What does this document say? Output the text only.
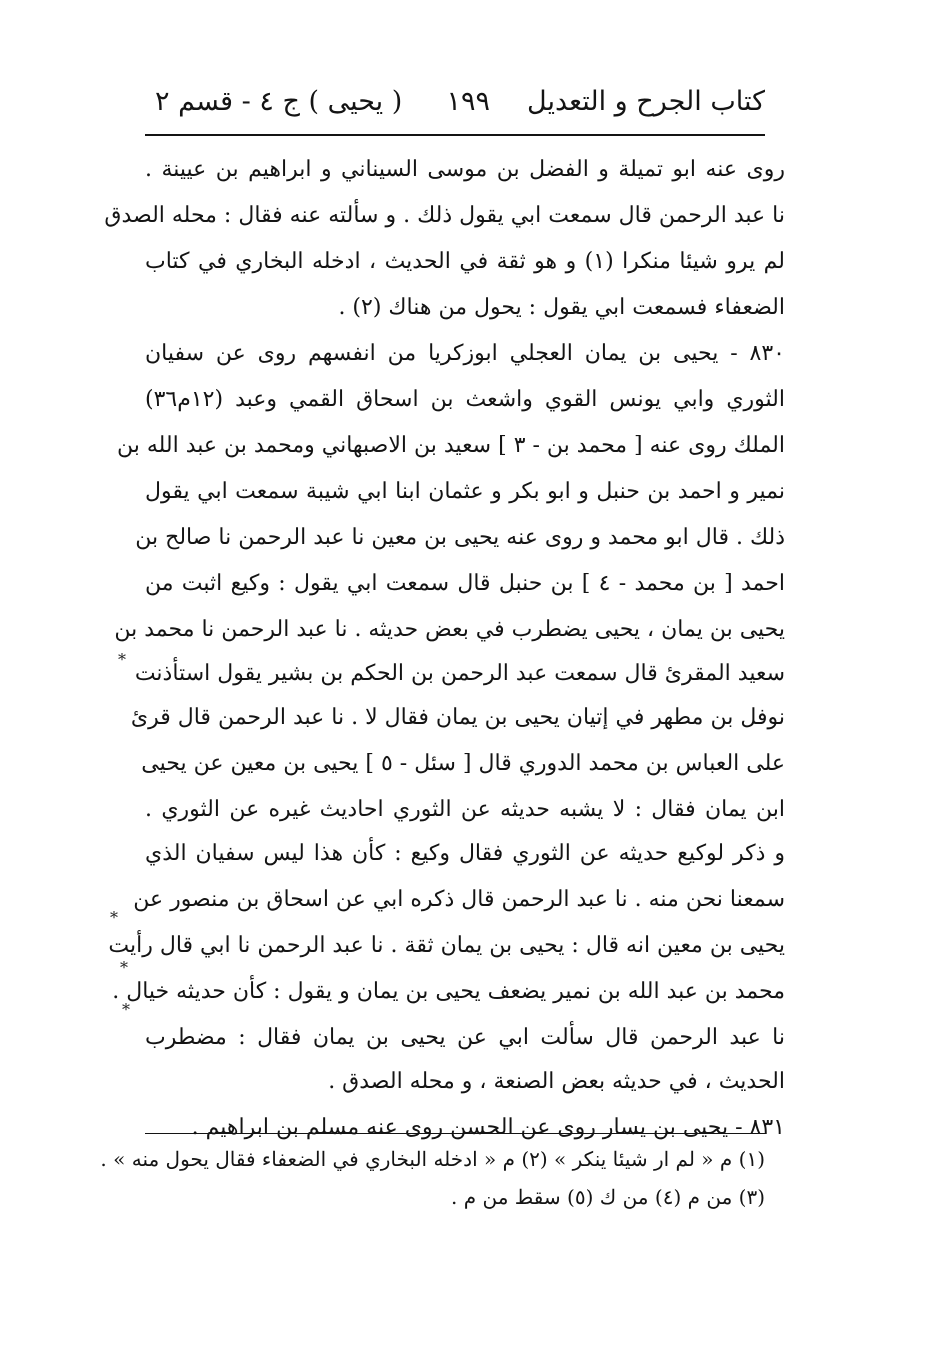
كتاب الجرح و التعديل
١٩٩
( يحيى ) ج ٤ - قسم ٢
روى عنه ابو تميلة و الفضل بن موسى السيناني و ابراهيم بن عيينة .
نا عبد الرحمن قال سمعت ابي يقول ذلك . و سألته عنه فقال : محله الصدق
لم يرو شيئا منكرا (١) و هو ثقة في الحديث ، ادخله البخاري في كتاب
الضعفاء فسمعت ابي يقول : يحول من هناك (٢) .
٨٣٠ - يحيى بن يمان العجلي ابوزكريا من انفسهم روى عن سفيان
الثوري وابي يونس القوي واشعث بن اسحاق القمي وعبد (١٢م٣٦)
الملك روى عنه [ محمد بن - ٣ ] سعيد بن الاصبهاني ومحمد بن عبد الله بن
نمير و احمد بن حنبل و ابو بكر و عثمان ابنا ابي شيبة سمعت ابي يقول
ذلك . قال ابو محمد و روى عنه يحيى بن معين نا عبد الرحمن نا صالح بن
احمد [ بن محمد - ٤ ] بن حنبل قال سمعت ابي يقول : وكيع اثبت من
يحيى بن يمان ، يحيى يضطرب في بعض حديثه . نا عبد الرحمن نا محمد بن
سعيد المقرئ قال سمعت عبد الرحمن بن الحكم بن بشير يقول استأذنت
نوفل بن مطهر في إتيان يحيى بن يمان فقال لا . نا عبد الرحمن قال قرئ
على العباس بن محمد الدوري قال [ سئل - ٥ ] يحيى بن معين عن يحيى
ابن يمان فقال : لا يشبه حديثه عن الثوري احاديث غيره عن الثوري .
و ذكر لوكيع حديثه عن الثوري فقال وكيع : كأن هذا ليس سفيان الذي
سمعنا نحن منه . نا عبد الرحمن قال ذكره ابي عن اسحاق بن منصور عن
يحيى بن معين انه قال : يحيى بن يمان ثقة . نا عبد الرحمن نا ابي قال رأيت
محمد بن عبد الله بن نمير يضعف يحيى بن يمان و يقول : كأن حديثه خيال .
نا عبد الرحمن قال سألت ابي عن يحيى بن يمان فقال : مضطرب
الحديث ، في حديثه بعض الصنعة ، و محله الصدق .
٨٣١ - يحيى بن يسار روى عن الحسن روى عنه مسلم بن ابراهيم .
*
*
*
*
(١) م « لم ار شيئا ينكر » (٢) م « ادخله البخاري في الضعفاء فقال يحول منه » .
(٣) من م (٤) من ك (٥) سقط من م .
